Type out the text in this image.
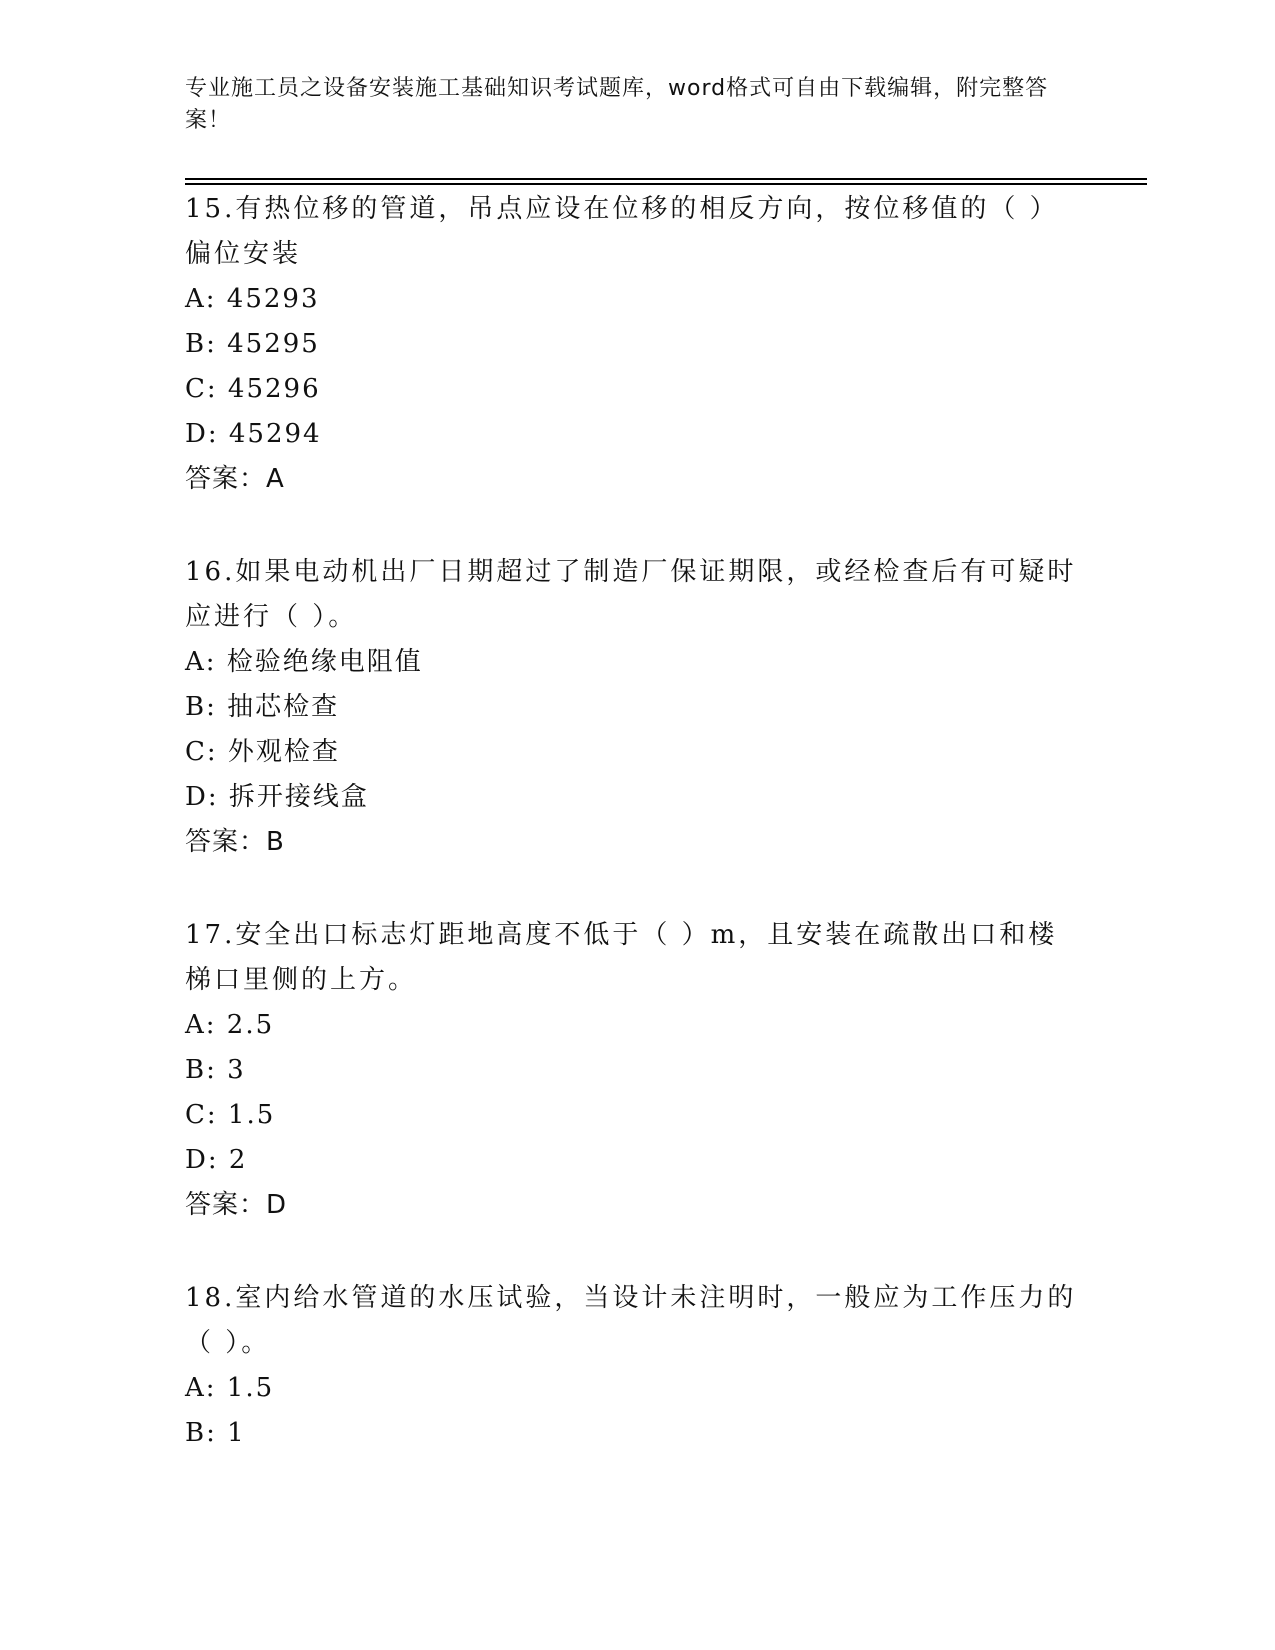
专业施工员之设备安装施工基础知识考试题库，word格式可自由下载编辑，附完整答案！

15.有热位移的管道，吊点应设在位移的相反方向，按位移值的（ ）偏位安装

A: 45293

B: 45295

C: 45296

D: 45294

答案：A

16.如果电动机出厂日期超过了制造厂保证期限，或经检查后有可疑时应进行（ ）。

A: 检验绝缘电阻值

B: 抽芯检查

C: 外观检查

D: 拆开接线盒

答案：B

17.安全出口标志灯距地高度不低于（ ）m，且安装在疏散出口和楼梯口里侧的上方。

A: 2.5

B: 3

C: 1.5

D: 2

答案：D

18.室内给水管道的水压试验，当设计未注明时，一般应为工作压力的（ ）。

A: 1.5

B: 1
